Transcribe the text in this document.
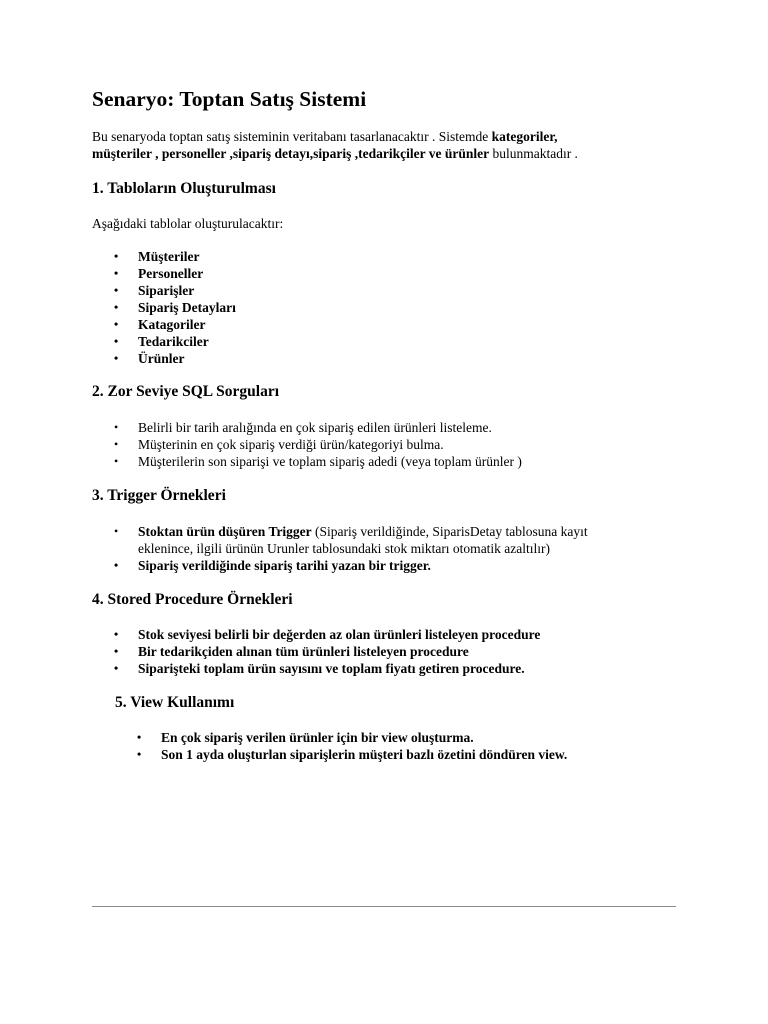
Senaryo: Toptan Satış Sistemi

Bu senaryoda toptan satış sisteminin veritabanı tasarlanacaktır . Sistemde kategoriler,
müşteriler , personeller ,sipariş detayı,sipariş ,tedarikçiler ve ürünler bulunmaktadır .

1. Tabloların Oluşturulması

Aşağıdaki tablolar oluşturulacaktır:

• Müşteriler
• Personeller
• Siparişler
• Sipariş Detayları
• Katagoriler
• Tedarikciler
• Ürünler
2. Zor Seviye SQL Sorguları
• Belirli bir tarih aralığında en çok sipariş edilen ürünleri listeleme.
• Müşterinin en çok sipariş verdiği ürün/kategoriyi bulma.
• Müşterilerin son siparişi ve toplam sipariş adedi (veya toplam ürünler )
3. Trigger Örnekleri
• Stoktan ürün düşüren Trigger (Sipariş verildiğinde, SiparisDetay tablosuna kayıt
eklenince, ilgili ürünün Urunler tablosundaki stok miktarı otomatik azaltılır)
• Sipariş verildiğinde sipariş tarihi yazan bir trigger.
4. Stored Procedure Örnekleri
• Stok seviyesi belirli bir değerden az olan ürünleri listeleyen procedure
• Bir tedarikçiden alınan tüm ürünleri listeleyen procedure
• Siparişteki toplam ürün sayısını ve toplam fiyatı getiren procedure.
5. View Kullanımı
• En çok sipariş verilen ürünler için bir view oluşturma.
• Son 1 ayda oluşturlan siparişlerin müşteri bazlı özetini döndüren view.
